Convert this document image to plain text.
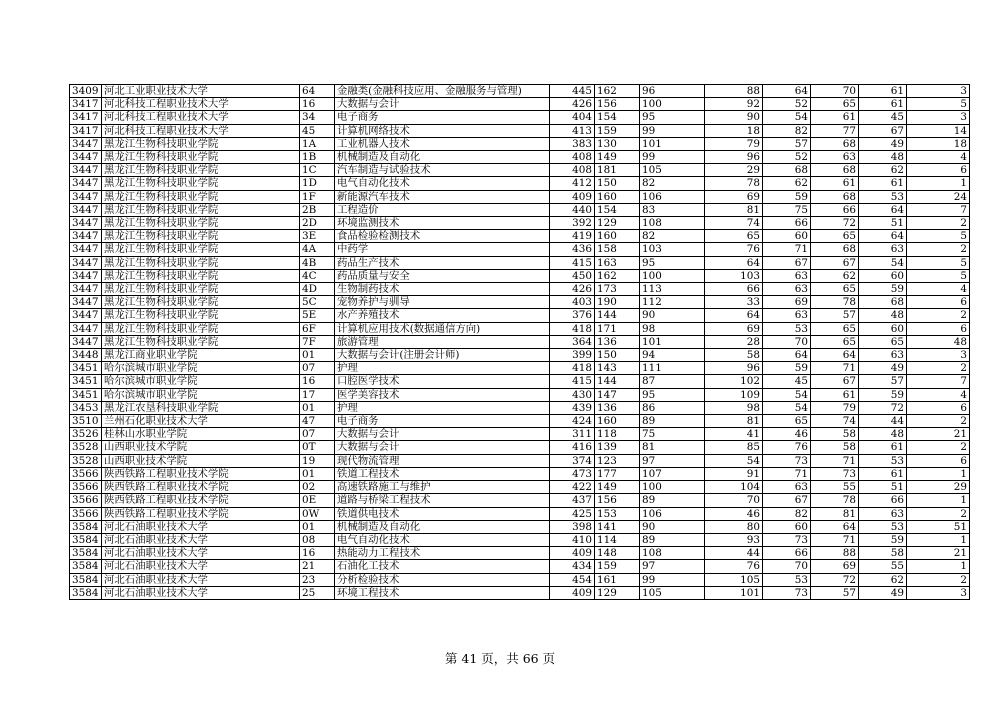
3409	河北工业职业技术大学	64	金融类(金融科技应用、金融服务与管理)	445	162	96	88	64	70	61	3
3417	河北科技工程职业技术大学	16	大数据与会计	426	156	100	92	52	65	61	5
3417	河北科技工程职业技术大学	34	电子商务	404	154	95	90	54	61	45	3
3417	河北科技工程职业技术大学	45	计算机网络技术	413	159	99	18	82	77	67	14
3447	黑龙江生物科技职业学院	1A	工业机器人技术	383	130	101	79	57	68	49	18
3447	黑龙江生物科技职业学院	1B	机械制造及自动化	408	149	99	96	52	63	48	4
3447	黑龙江生物科技职业学院	1C	汽车制造与试验技术	408	181	105	29	68	68	62	6
3447	黑龙江生物科技职业学院	1D	电气自动化技术	412	150	82	78	62	61	61	1
3447	黑龙江生物科技职业学院	1F	新能源汽车技术	409	160	106	69	59	68	53	24
3447	黑龙江生物科技职业学院	2B	工程造价	440	154	83	81	75	66	64	7
3447	黑龙江生物科技职业学院	2D	环境监测技术	392	129	108	74	66	72	51	2
3447	黑龙江生物科技职业学院	3E	食品检验检测技术	419	160	82	65	60	65	64	5
3447	黑龙江生物科技职业学院	4A	中药学	436	158	103	76	71	68	63	2
3447	黑龙江生物科技职业学院	4B	药品生产技术	415	163	95	64	67	67	54	5
3447	黑龙江生物科技职业学院	4C	药品质量与安全	450	162	100	103	63	62	60	5
3447	黑龙江生物科技职业学院	4D	生物制药技术	426	173	113	66	63	65	59	4
3447	黑龙江生物科技职业学院	5C	宠物养护与驯导	403	190	112	33	69	78	68	6
3447	黑龙江生物科技职业学院	5E	水产养殖技术	376	144	90	64	63	57	48	2
3447	黑龙江生物科技职业学院	6F	计算机应用技术(数据通信方向)	418	171	98	69	53	65	60	6
3447	黑龙江生物科技职业学院	7F	旅游管理	364	136	101	28	70	65	65	48
3448	黑龙江商业职业学院	01	大数据与会计(注册会计师)	399	150	94	58	64	64	63	3
3451	哈尔滨城市职业学院	07	护理	418	143	111	96	59	71	49	2
3451	哈尔滨城市职业学院	16	口腔医学技术	415	144	87	102	45	67	57	7
3451	哈尔滨城市职业学院	17	医学美容技术	430	147	95	109	54	61	59	4
3453	黑龙江农垦科技职业学院	01	护理	439	136	86	98	54	79	72	6
3510	兰州石化职业技术大学	47	电子商务	424	160	89	81	65	74	44	2
3526	桂林山水职业学院	07	大数据与会计	311	118	75	41	46	58	48	21
3528	山西职业技术学院	0T	大数据与会计	416	139	81	85	76	58	61	2
3528	山西职业技术学院	19	现代物流管理	374	123	97	54	73	71	53	6
3566	陕西铁路工程职业技术学院	01	铁道工程技术	473	177	107	91	71	73	61	1
3566	陕西铁路工程职业技术学院	02	高速铁路施工与维护	422	149	100	104	63	55	51	29
3566	陕西铁路工程职业技术学院	0E	道路与桥梁工程技术	437	156	89	70	67	78	66	1
3566	陕西铁路工程职业技术学院	0W	铁道供电技术	425	153	106	46	82	81	63	2
3584	河北石油职业技术大学	01	机械制造及自动化	398	141	90	80	60	64	53	51
3584	河北石油职业技术大学	08	电气自动化技术	410	114	89	93	73	71	59	1
3584	河北石油职业技术大学	16	热能动力工程技术	409	148	108	44	66	88	58	21
3584	河北石油职业技术大学	21	石油化工技术	434	159	97	76	70	69	55	1
3584	河北石油职业技术大学	23	分析检验技术	454	161	99	105	53	72	62	2
3584	河北石油职业技术大学	25	环境工程技术	409	129	105	101	73	57	49	3
第 41 页，共 66 页
